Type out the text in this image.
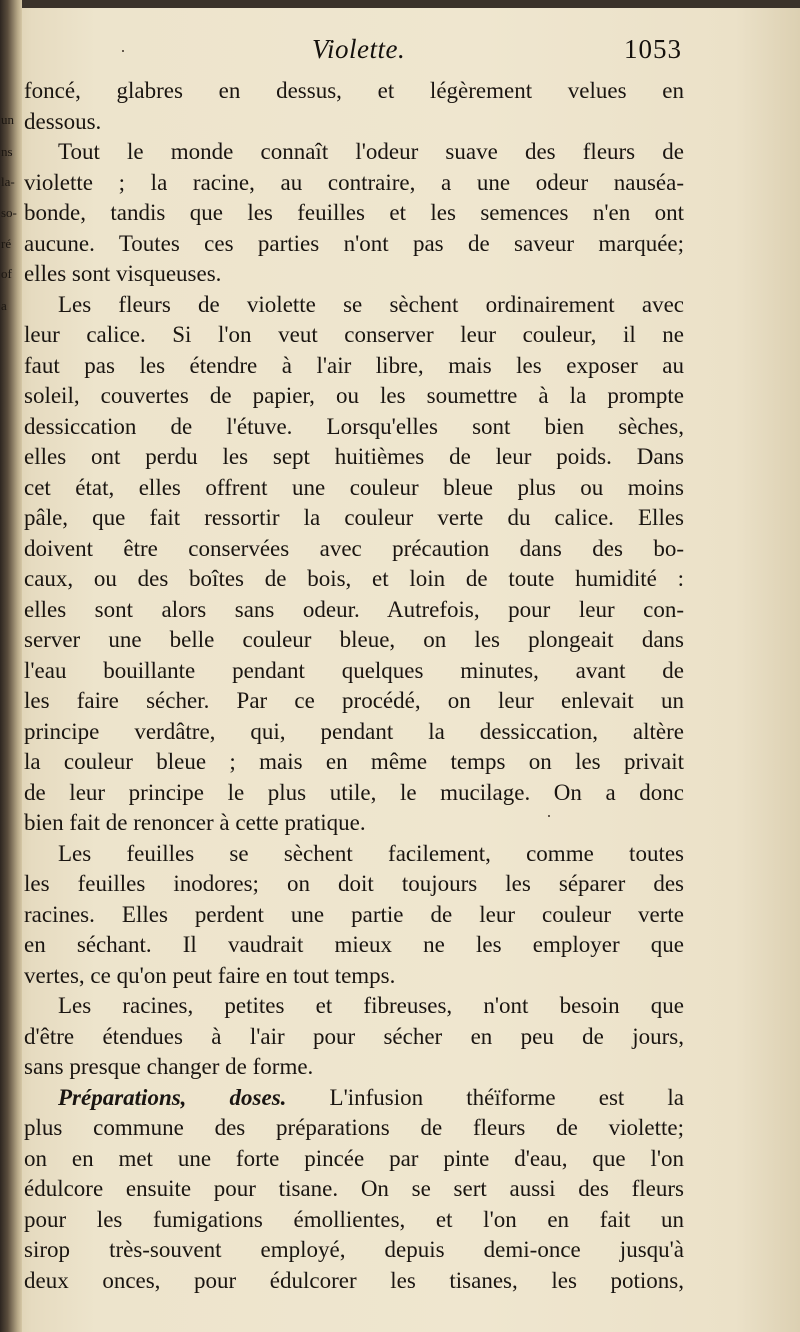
un
ns
la-
so-
ré
of
a
Violette.	1053
foncé, glabres en dessus, et légèrement velues en
dessous.
Tout le monde connaît l'odeur suave des fleurs de
violette ; la racine, au contraire, a une odeur nauséa-
bonde, tandis que les feuilles et les semences n'en ont
aucune. Toutes ces parties n'ont pas de saveur marquée;
elles sont visqueuses.
Les fleurs de violette se sèchent ordinairement avec
leur calice. Si l'on veut conserver leur couleur, il ne
faut pas les étendre à l'air libre, mais les exposer au
soleil, couvertes de papier, ou les soumettre à la prompte
dessiccation de l'étuve. Lorsqu'elles sont bien sèches,
elles ont perdu les sept huitièmes de leur poids. Dans
cet état, elles offrent une couleur bleue plus ou moins
pâle, que fait ressortir la couleur verte du calice. Elles
doivent être conservées avec précaution dans des bo-
caux, ou des boîtes de bois, et loin de toute humidité :
elles sont alors sans odeur. Autrefois, pour leur con-
server une belle couleur bleue, on les plongeait dans
l'eau bouillante pendant quelques minutes, avant de
les faire sécher. Par ce procédé, on leur enlevait un
principe verdâtre, qui, pendant la dessiccation, altère
la couleur bleue ; mais en même temps on les privait
de leur principe le plus utile, le mucilage. On a donc
bien fait de renoncer à cette pratique.
Les feuilles se sèchent facilement, comme toutes
les feuilles inodores; on doit toujours les séparer des
racines. Elles perdent une partie de leur couleur verte
en séchant. Il vaudrait mieux ne les employer que
vertes, ce qu'on peut faire en tout temps.
Les racines, petites et fibreuses, n'ont besoin que
d'être étendues à l'air pour sécher en peu de jours,
sans presque changer de forme.
Préparations, doses. L'infusion théïforme est la
plus commune des préparations de fleurs de violette;
on en met une forte pincée par pinte d'eau, que l'on
édulcore ensuite pour tisane. On se sert aussi des fleurs
pour les fumigations émollientes, et l'on en fait un
sirop très-souvent employé, depuis demi-once jusqu'à
deux onces, pour édulcorer les tisanes, les potions,
